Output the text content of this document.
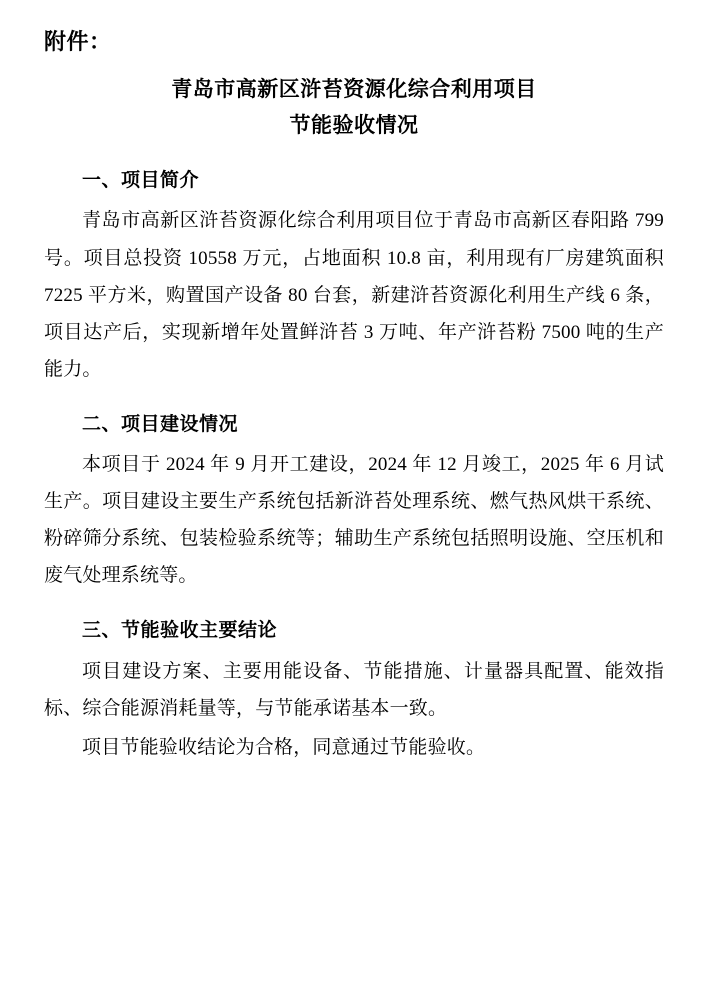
附件：
青岛市高新区浒苔资源化综合利用项目
节能验收情况
一、项目简介

青岛市高新区浒苔资源化综合利用项目位于青岛市高新区春阳路 799 号。项目总投资 10558 万元，占地面积 10.8 亩，利用现有厂房建筑面积 7225 平方米，购置国产设备 80 台套，新建浒苔资源化利用生产线 6 条，项目达产后，实现新增年处置鲜浒苔 3 万吨、年产浒苔粉 7500 吨的生产能力。

二、项目建设情况

本项目于 2024 年 9 月开工建设，2024 年 12 月竣工，2025 年 6 月试生产。项目建设主要生产系统包括新浒苔处理系统、燃气热风烘干系统、粉碎筛分系统、包装检验系统等；辅助生产系统包括照明设施、空压机和废气处理系统等。

三、节能验收主要结论

项目建设方案、主要用能设备、节能措施、计量器具配置、能效指标、综合能源消耗量等，与节能承诺基本一致。

项目节能验收结论为合格，同意通过节能验收。
